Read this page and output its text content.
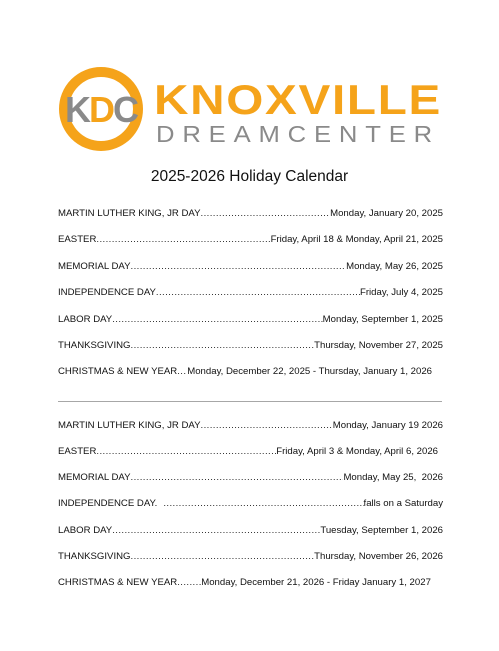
KDC KNOXVILLE
DREAMCENTER
2025-2026 Holiday Calendar
MARTIN LUTHER KING, JR DAY .....	Monday, January 20, 2025
EASTER .....	Friday, April 18 & Monday, April 21, 2025
MEMORIAL DAY .....	Monday, May 26, 2025
INDEPENDENCE DAY .....	Friday, July 4, 2025
LABOR DAY .....	Monday, September 1, 2025
THANKSGIVING .....	Thursday, November 27, 2025
CHRISTMAS & NEW YEAR ..... Monday, December 22, 2025 - Thursday, January 1, 2026
MARTIN LUTHER KING, JR DAY .....	Monday, January 19 2026
EASTER .....	Friday, April 3 & Monday, April 6, 2026
MEMORIAL DAY .....	Monday, May 25,  2026
INDEPENDENCE DAY. .....	falls on a Saturday
LABOR DAY .....	Tuesday, September 1, 2026
THANKSGIVING .....	Thursday, November 26, 2026
CHRISTMAS & NEW YEAR .....	Monday, December 21, 2026 - Friday January 1, 2027
